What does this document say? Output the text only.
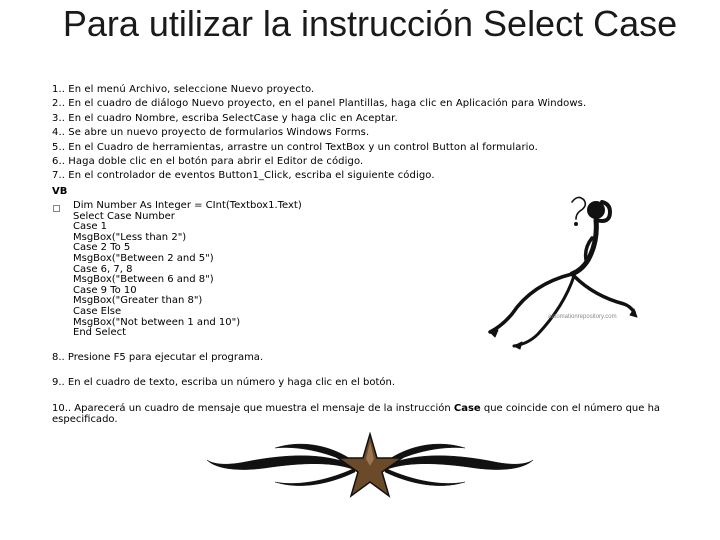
Para utilizar la instrucción Select Case
1.. En el menú Archivo, seleccione Nuevo proyecto.
2.. En el cuadro de diálogo Nuevo proyecto, en el panel Plantillas, haga clic en Aplicación para Windows.
3.. En el cuadro Nombre, escriba SelectCase y haga clic en Aceptar.
4.. Se abre un nuevo proyecto de formularios Windows Forms.
5.. En el Cuadro de herramientas, arrastre un control TextBox y un control Button al formulario.
6.. Haga doble clic en el botón para abrir el Editor de código.
7.. En el controlador de eventos Button1_Click, escriba el siguiente código.
VB
Dim Number As Integer = CInt(Textbox1.Text)
Select Case Number
Case 1
MsgBox("Less than 2")
Case 2 To 5
MsgBox("Between 2 and 5")
Case 6, 7, 8
MsgBox("Between 6 and 8")
Case 9 To 10
MsgBox("Greater than 8")
Case Else
MsgBox("Not between 1 and 10")
End Select
automationrepository.com
8.. Presione F5 para ejecutar el programa.
9.. En el cuadro de texto, escriba un número y haga clic en el botón.
10.. Aparecerá un cuadro de mensaje que muestra el mensaje de la instrucción Case que coincide con el número que ha especificado.
